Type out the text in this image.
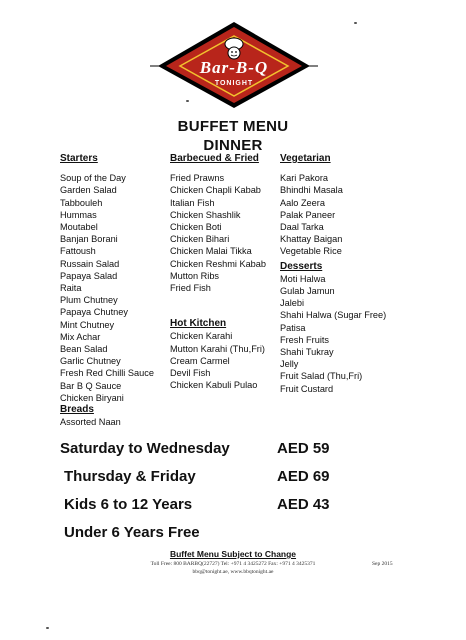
Bar-B-Q
TONIGHT
BUFFET MENU
DINNER
Starters
Soup of the Day
Garden Salad
Tabbouleh
Hummas
Moutabel
Banjan Borani
Fattoush
Russain Salad
Papaya Salad
Raita
Plum Chutney
Papaya Chutney
Mint Chutney
Mix Achar
Bean Salad
Garlic Chutney
Fresh Red Chilli Sauce
Bar B Q Sauce
Chicken Biryani
Breads
Assorted Naan
Barbecued & Fried
Fried Prawns
Chicken Chapli Kabab
Italian Fish
Chicken Shashlik
Chicken Boti
Chicken Bihari
Chicken Malai Tikka
Chicken Reshmi Kabab
Mutton Ribs
Fried Fish
Hot Kitchen
Chicken Karahi
Mutton Karahi (Thu,Fri)
Cream Carmel
Devil Fish
Chicken Kabuli Pulao
Vegetarian
Kari Pakora
Bhindhi Masala
Aalo Zeera
Palak Paneer
Daal Tarka
Khattay Baigan
Vegetable Rice
Desserts
Moti Halwa
Gulab Jamun
Jalebi
Shahi Halwa (Sugar Free)
Patisa
Fresh Fruits
Shahi Tukray
Jelly
Fruit Salad (Thu,Fri)
Fruit Custard
Saturday to Wednesday	AED 59
Thursday & Friday	AED 69
Kids 6 to 12 Years	AED 43
Under 6 Years Free
Buffet Menu Subject to Change
Toll Free: 800 BARBQ(22727) Tel: +971 4 3425272 Fax: +971 4 3425371
bbq@tonight.ae, www.bbqtonight.ae
Sep 2015
